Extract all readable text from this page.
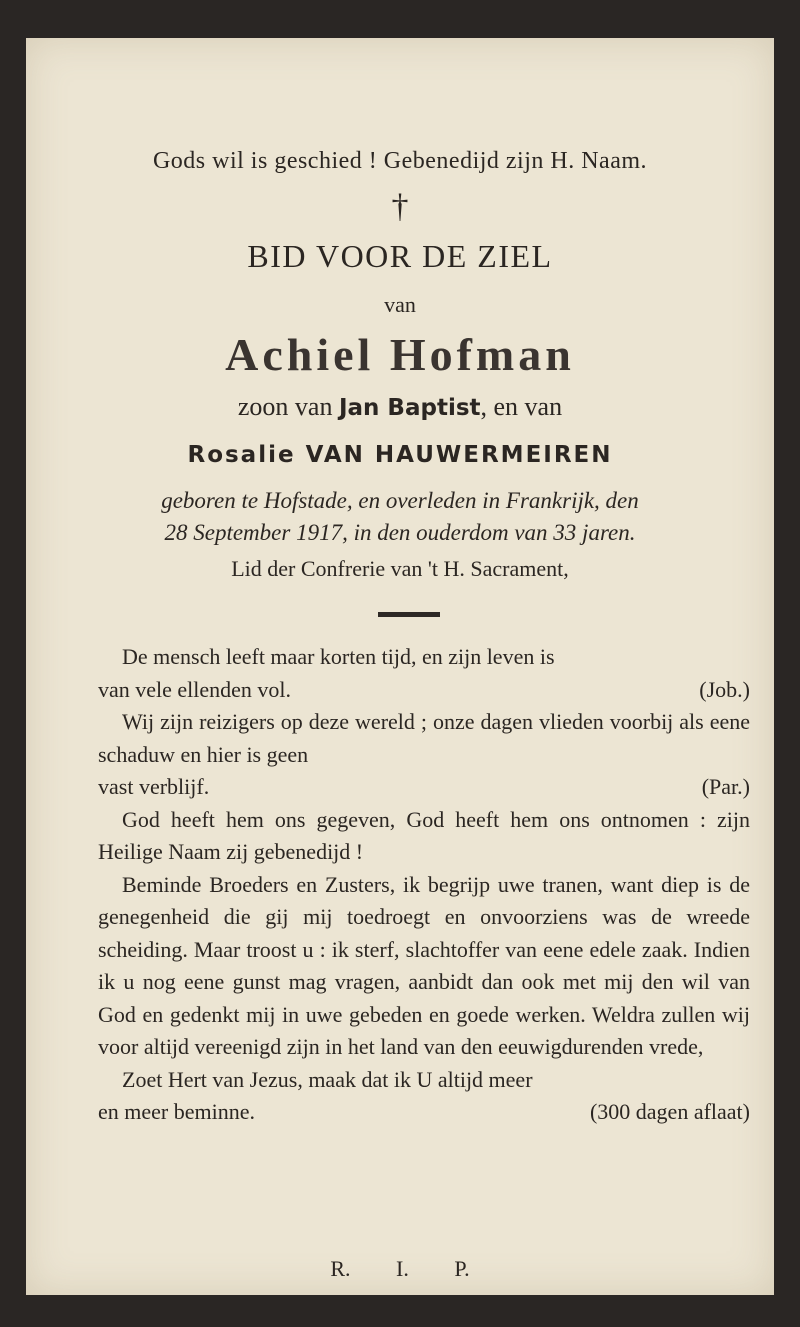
Gods wil is geschied ! Gebenedijd zijn H. Naam.
†
BID VOOR DE ZIEL
van
Achiel Hofman
zoon van Jan Baptist, en van
Rosalie VAN HAUWERMEIREN
geboren te Hofstade, en overleden in Frankrijk, den
28 September 1917, in den ouderdom van 33 jaren.
Lid der Confrerie van 't H. Sacrament,

De mensch leeft maar korten tijd, en zijn leven is
van vele ellenden vol.	(Job.)

Wij zijn reizigers op deze wereld ; onze dagen vlieden voorbij als eene schaduw en hier is geen
vast verblijf.	(Par.)

God heeft hem ons gegeven, God heeft hem ons ontnomen : zijn Heilige Naam zij gebenedijd !

Beminde Broeders en Zusters, ik begrijp uwe tranen, want diep is de genegenheid die gij mij toedroegt en onvoorziens was de wreede scheiding. Maar troost u : ik sterf, slachtoffer van eene edele zaak. Indien ik u nog eene gunst mag vragen, aanbidt dan ook met mij den wil van God en gedenkt mij in uwe gebeden en goede werken. Weldra zullen wij voor altijd vereenigd zijn in het land van den eeuwigdurenden vrede,

Zoet Hert van Jezus, maak dat ik U altijd meer
en meer beminne.	(300 dagen aflaat)

R. I. P.
